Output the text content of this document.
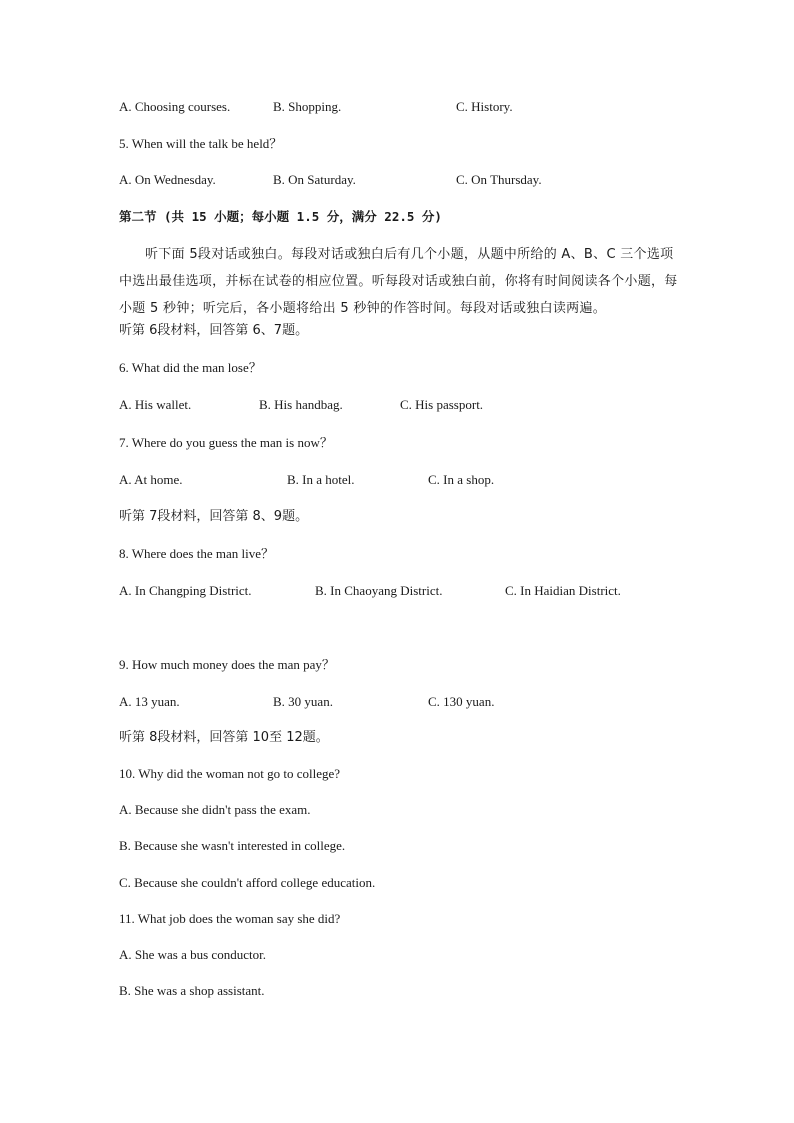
A. Choosing courses.	B. Shopping.	C. History.
5. When will the talk be held？
A. On Wednesday.	B. On Saturday.	C. On Thursday.
第二节 (共 15 小题；每小题 1.5 分，满分 22.5 分)

听下面 5段对话或独白。每段对话或独白后有几个小题，从题中所给的 A、B、C 三个选项中选出最佳选项，并标在试卷的相应位置。听每段对话或独白前，你将有时间阅读各个小题，每小题 5 秒钟；听完后，各小题将给出 5 秒钟的作答时间。每段对话或独白读两遍。

听第 6段材料，回答第 6、7题。
6. What did the man lose？
A. His wallet.	B. His handbag.	C. His passport.
7. Where do you guess the man is now？
A. At home.	B. In a hotel.	C. In a shop.
听第 7段材料，回答第 8、9题。
8. Where does the man live？
A. In Changping District.	B. In Chaoyang District.	C. In Haidian District.
9. How much money does the man pay？
A. 13 yuan.	B. 30 yuan.	C. 130 yuan.
听第 8段材料，回答第 10至 12题。
10. Why did the woman not go to college?
A. Because she didn't pass the exam.
B. Because she wasn't interested in college.
C. Because she couldn't afford college education.
11. What job does the woman say she did?
A. She was a bus conductor.
B. She was a shop assistant.
